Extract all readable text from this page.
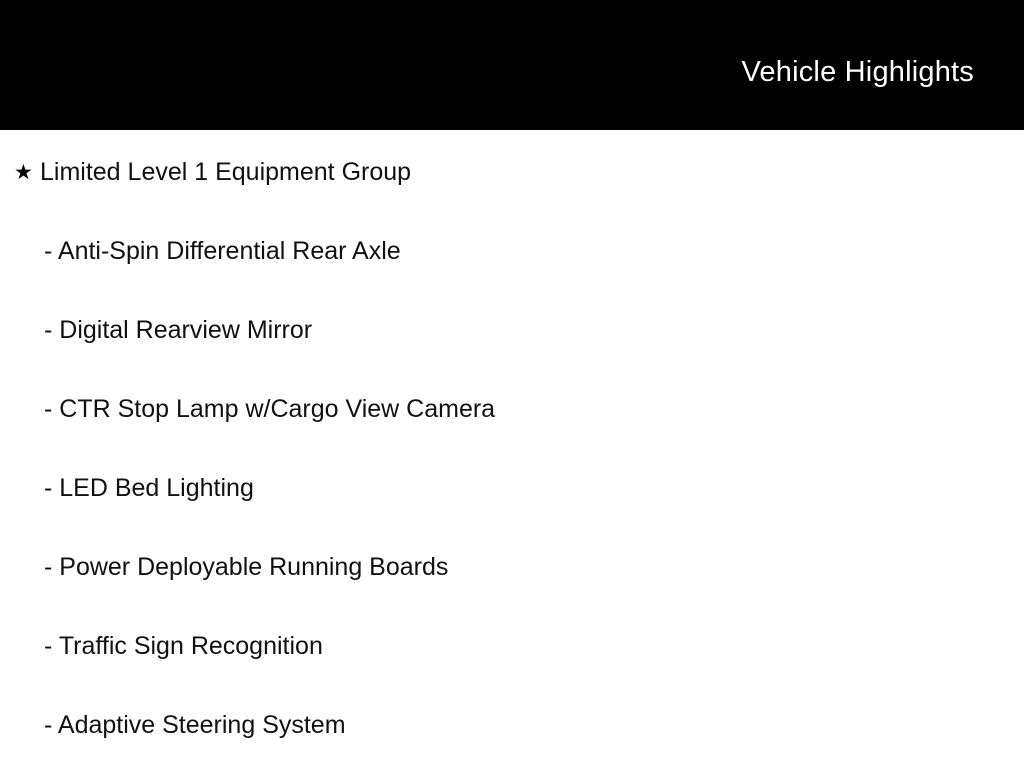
Vehicle Highlights
★ Limited Level 1 Equipment Group
- Anti-Spin Differential Rear Axle
- Digital Rearview Mirror
- CTR Stop Lamp w/Cargo View Camera
- LED Bed Lighting
- Power Deployable Running Boards
- Traffic Sign Recognition
- Adaptive Steering System
